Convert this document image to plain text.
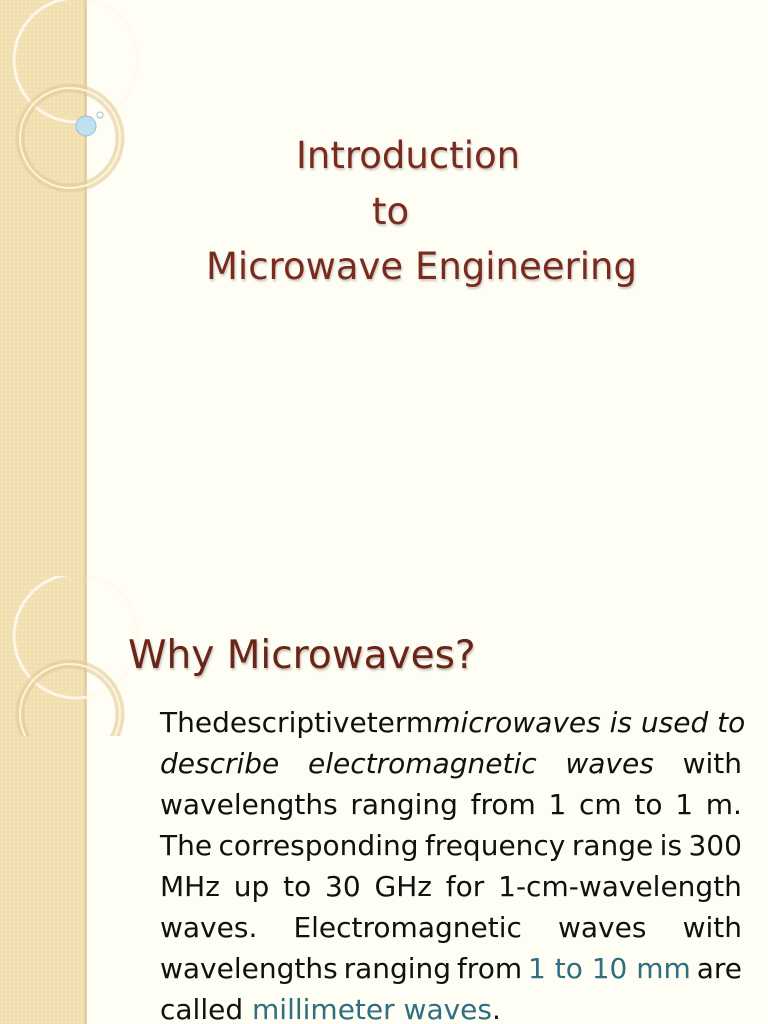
Introduction
to
Microwave Engineering
Why Microwaves?
The descriptive term microwaves is used to
describe electromagnetic waves with
wavelengths ranging from 1 cm to 1 m.
The corresponding frequency range is 300
MHz up to 30 GHz for 1-cm-wavelength
waves. Electromagnetic waves with
wavelengths ranging from 1 to 10 mm are
called
millimeter waves .
